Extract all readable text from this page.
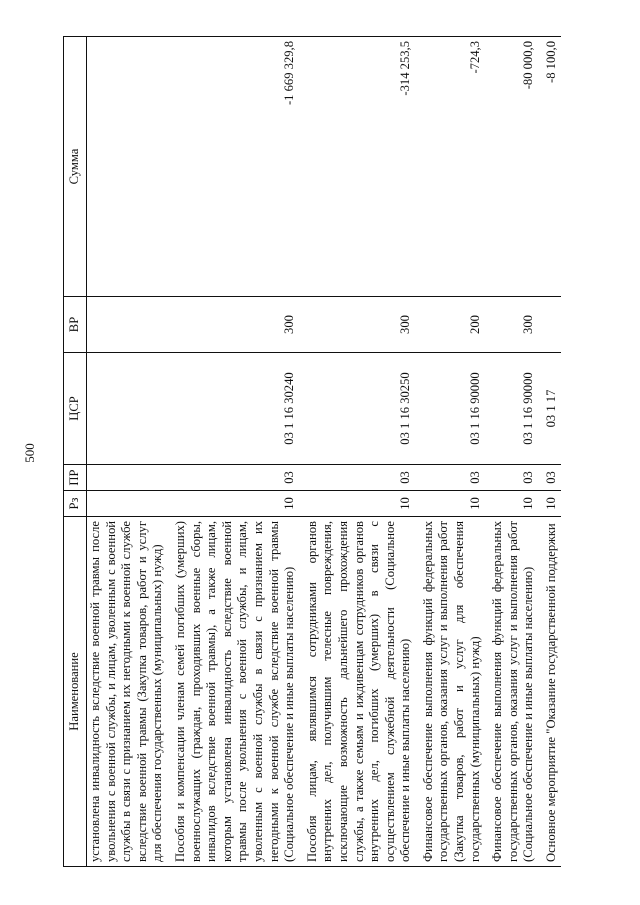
500
Наименование	Рз	ПР	ЦСР	ВР	Сумма
установлена инвалидность вследствие военной травмы после увольнения с военной службы, и лицам, уволенным с военной службы в связи с признанием их негодными к военной службе вследствие военной травмы (Закупка товаров, работ и услуг для обеспечения государственных (муниципальных) нужд)					
Пособия и компенсации членам семей погибших (умерших) военнослужащих (граждан, проходивших военные сборы, инвалидов вследствие военной травмы), а также лицам, которым установлена инвалидность вследствие военной травмы после увольнения с военной службы, и лицам, уволенным с военной службы в связи с признанием их негодными к военной службе вследствие военной травмы (Социальное обеспечение и иные выплаты населению)	10	03	03 1 16 30240	300	-1 669 329,8
Пособия лицам, являвшимся сотрудниками органов внутренних дел, получившим телесные повреждения, исключающие возможность дальнейшего прохождения службы, а также семьям и иждивенцам сотрудников органов внутренних дел, погибших (умерших) в связи с осуществлением служебной деятельности (Социальное обеспечение и иные выплаты населению)	10	03	03 1 16 30250	300	-314 253,5
Финансовое обеспечение выполнения функций федеральных государственных органов, оказания услуг и выполнения работ (Закупка товаров, работ и услуг для обеспечения государственных (муниципальных) нужд)	10	03	03 1 16 90000	200	-724,3
Финансовое обеспечение выполнения функций федеральных государственных органов, оказания услуг и выполнения работ (Социальное обеспечение и иные выплаты населению)	10	03	03 1 16 90000	300	-80 000,0
Основное мероприятие "Оказание государственной поддержки	10	03	03 1 17		-8 100,0
